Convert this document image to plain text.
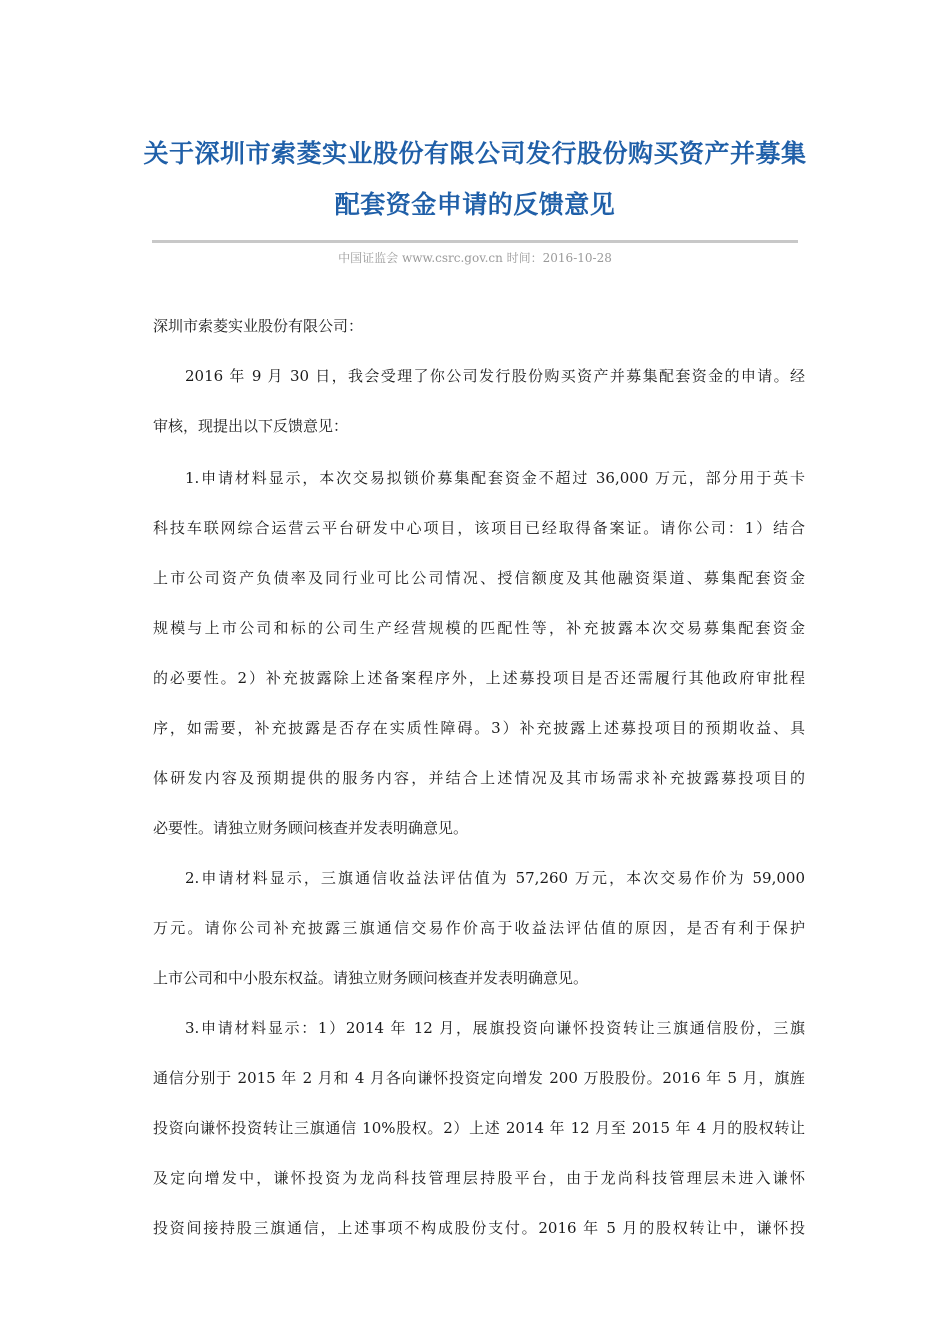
关于深圳市索菱实业股份有限公司发行股份购买资产并募集
配套资金申请的反馈意见
中国证监会 www.csrc.gov.cn 时间：2016-10-28
深圳市索菱实业股份有限公司：
2016 年 9 月 30 日，我会受理了你公司发行股份购买资产并募集配套资金的申请。经
审核，现提出以下反馈意见：
1.申请材料显示，本次交易拟锁价募集配套资金不超过 36,000 万元，部分用于英卡
科技车联网综合运营云平台研发中心项目，该项目已经取得备案证。请你公司：1）结合
上市公司资产负债率及同行业可比公司情况、授信额度及其他融资渠道、募集配套资金
规模与上市公司和标的公司生产经营规模的匹配性等，补充披露本次交易募集配套资金
的必要性。2）补充披露除上述备案程序外，上述募投项目是否还需履行其他政府审批程
序，如需要，补充披露是否存在实质性障碍。3）补充披露上述募投项目的预期收益、具
体研发内容及预期提供的服务内容，并结合上述情况及其市场需求补充披露募投项目的
必要性。请独立财务顾问核查并发表明确意见。
2.申请材料显示，三旗通信收益法评估值为 57,260 万元，本次交易作价为 59,000
万元。请你公司补充披露三旗通信交易作价高于收益法评估值的原因，是否有利于保护
上市公司和中小股东权益。请独立财务顾问核查并发表明确意见。
3.申请材料显示：1）2014 年 12 月，展旗投资向谦怀投资转让三旗通信股份，三旗
通信分别于 2015 年 2 月和 4 月各向谦怀投资定向增发 200 万股股份。2016 年 5 月，旗旌
投资向谦怀投资转让三旗通信 10%股权。2）上述 2014 年 12 月至 2015 年 4 月的股权转让
及定向增发中，谦怀投资为龙尚科技管理层持股平台，由于龙尚科技管理层未进入谦怀
投资间接持股三旗通信，上述事项不构成股份支付。2016 年 5 月的股权转让中，谦怀投
